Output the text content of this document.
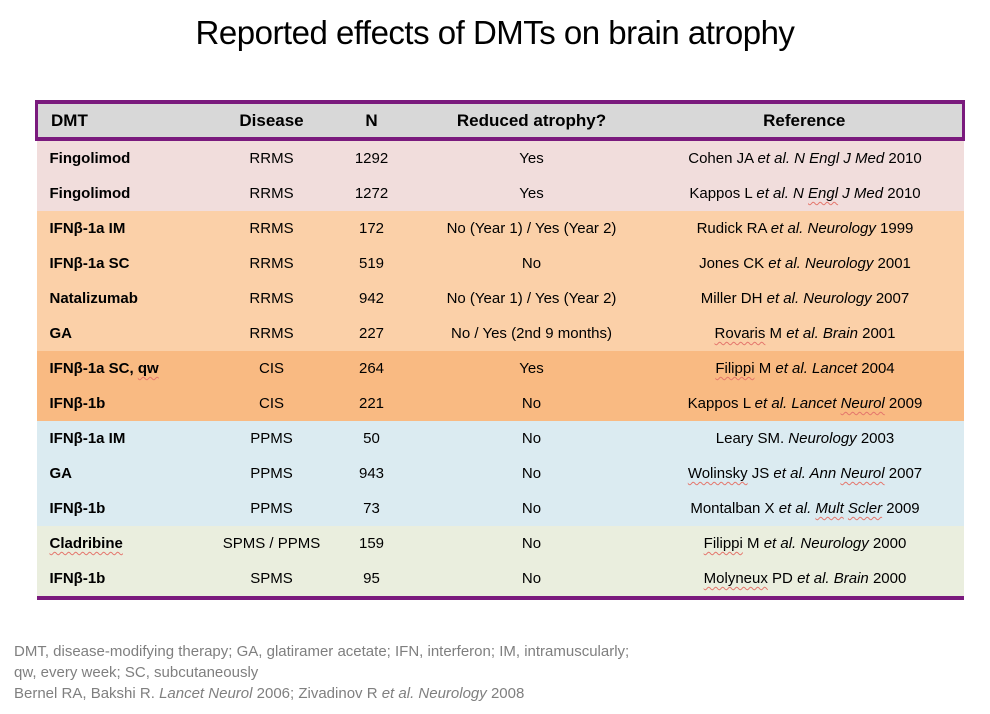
Reported effects of DMTs on brain atrophy
DMT	Disease	N	Reduced atrophy?	Reference
Fingolimod	RRMS	1292	Yes	Cohen JA et al. N Engl J Med 2010
Fingolimod	RRMS	1272	Yes	Kappos L et al. N Engl J Med 2010
IFNβ-1a IM	RRMS	172	No (Year 1) / Yes (Year 2)	Rudick RA et al. Neurology 1999
IFNβ-1a SC	RRMS	519	No	Jones CK et al. Neurology 2001
Natalizumab	RRMS	942	No (Year 1) / Yes (Year 2)	Miller DH et al. Neurology 2007
GA	RRMS	227	No / Yes (2nd 9 months)	Rovaris M et al. Brain 2001
IFNβ-1a SC, qw	CIS	264	Yes	Filippi M et al. Lancet 2004
IFNβ-1b	CIS	221	No	Kappos L et al. Lancet Neurol 2009
IFNβ-1a IM	PPMS	50	No	Leary SM. Neurology 2003
GA	PPMS	943	No	Wolinsky JS et al. Ann Neurol 2007
IFNβ-1b	PPMS	73	No	Montalban X et al. Mult Scler 2009
Cladribine	SPMS / PPMS	159	No	Filippi M et al. Neurology 2000
IFNβ-1b	SPMS	95	No	Molyneux PD et al. Brain 2000
DMT, disease-modifying therapy; GA, glatiramer acetate; IFN, interferon; IM, intramuscularly;
qw, every week; SC, subcutaneously
Bernel RA, Bakshi R. Lancet Neurol 2006; Zivadinov R et al. Neurology 2008
